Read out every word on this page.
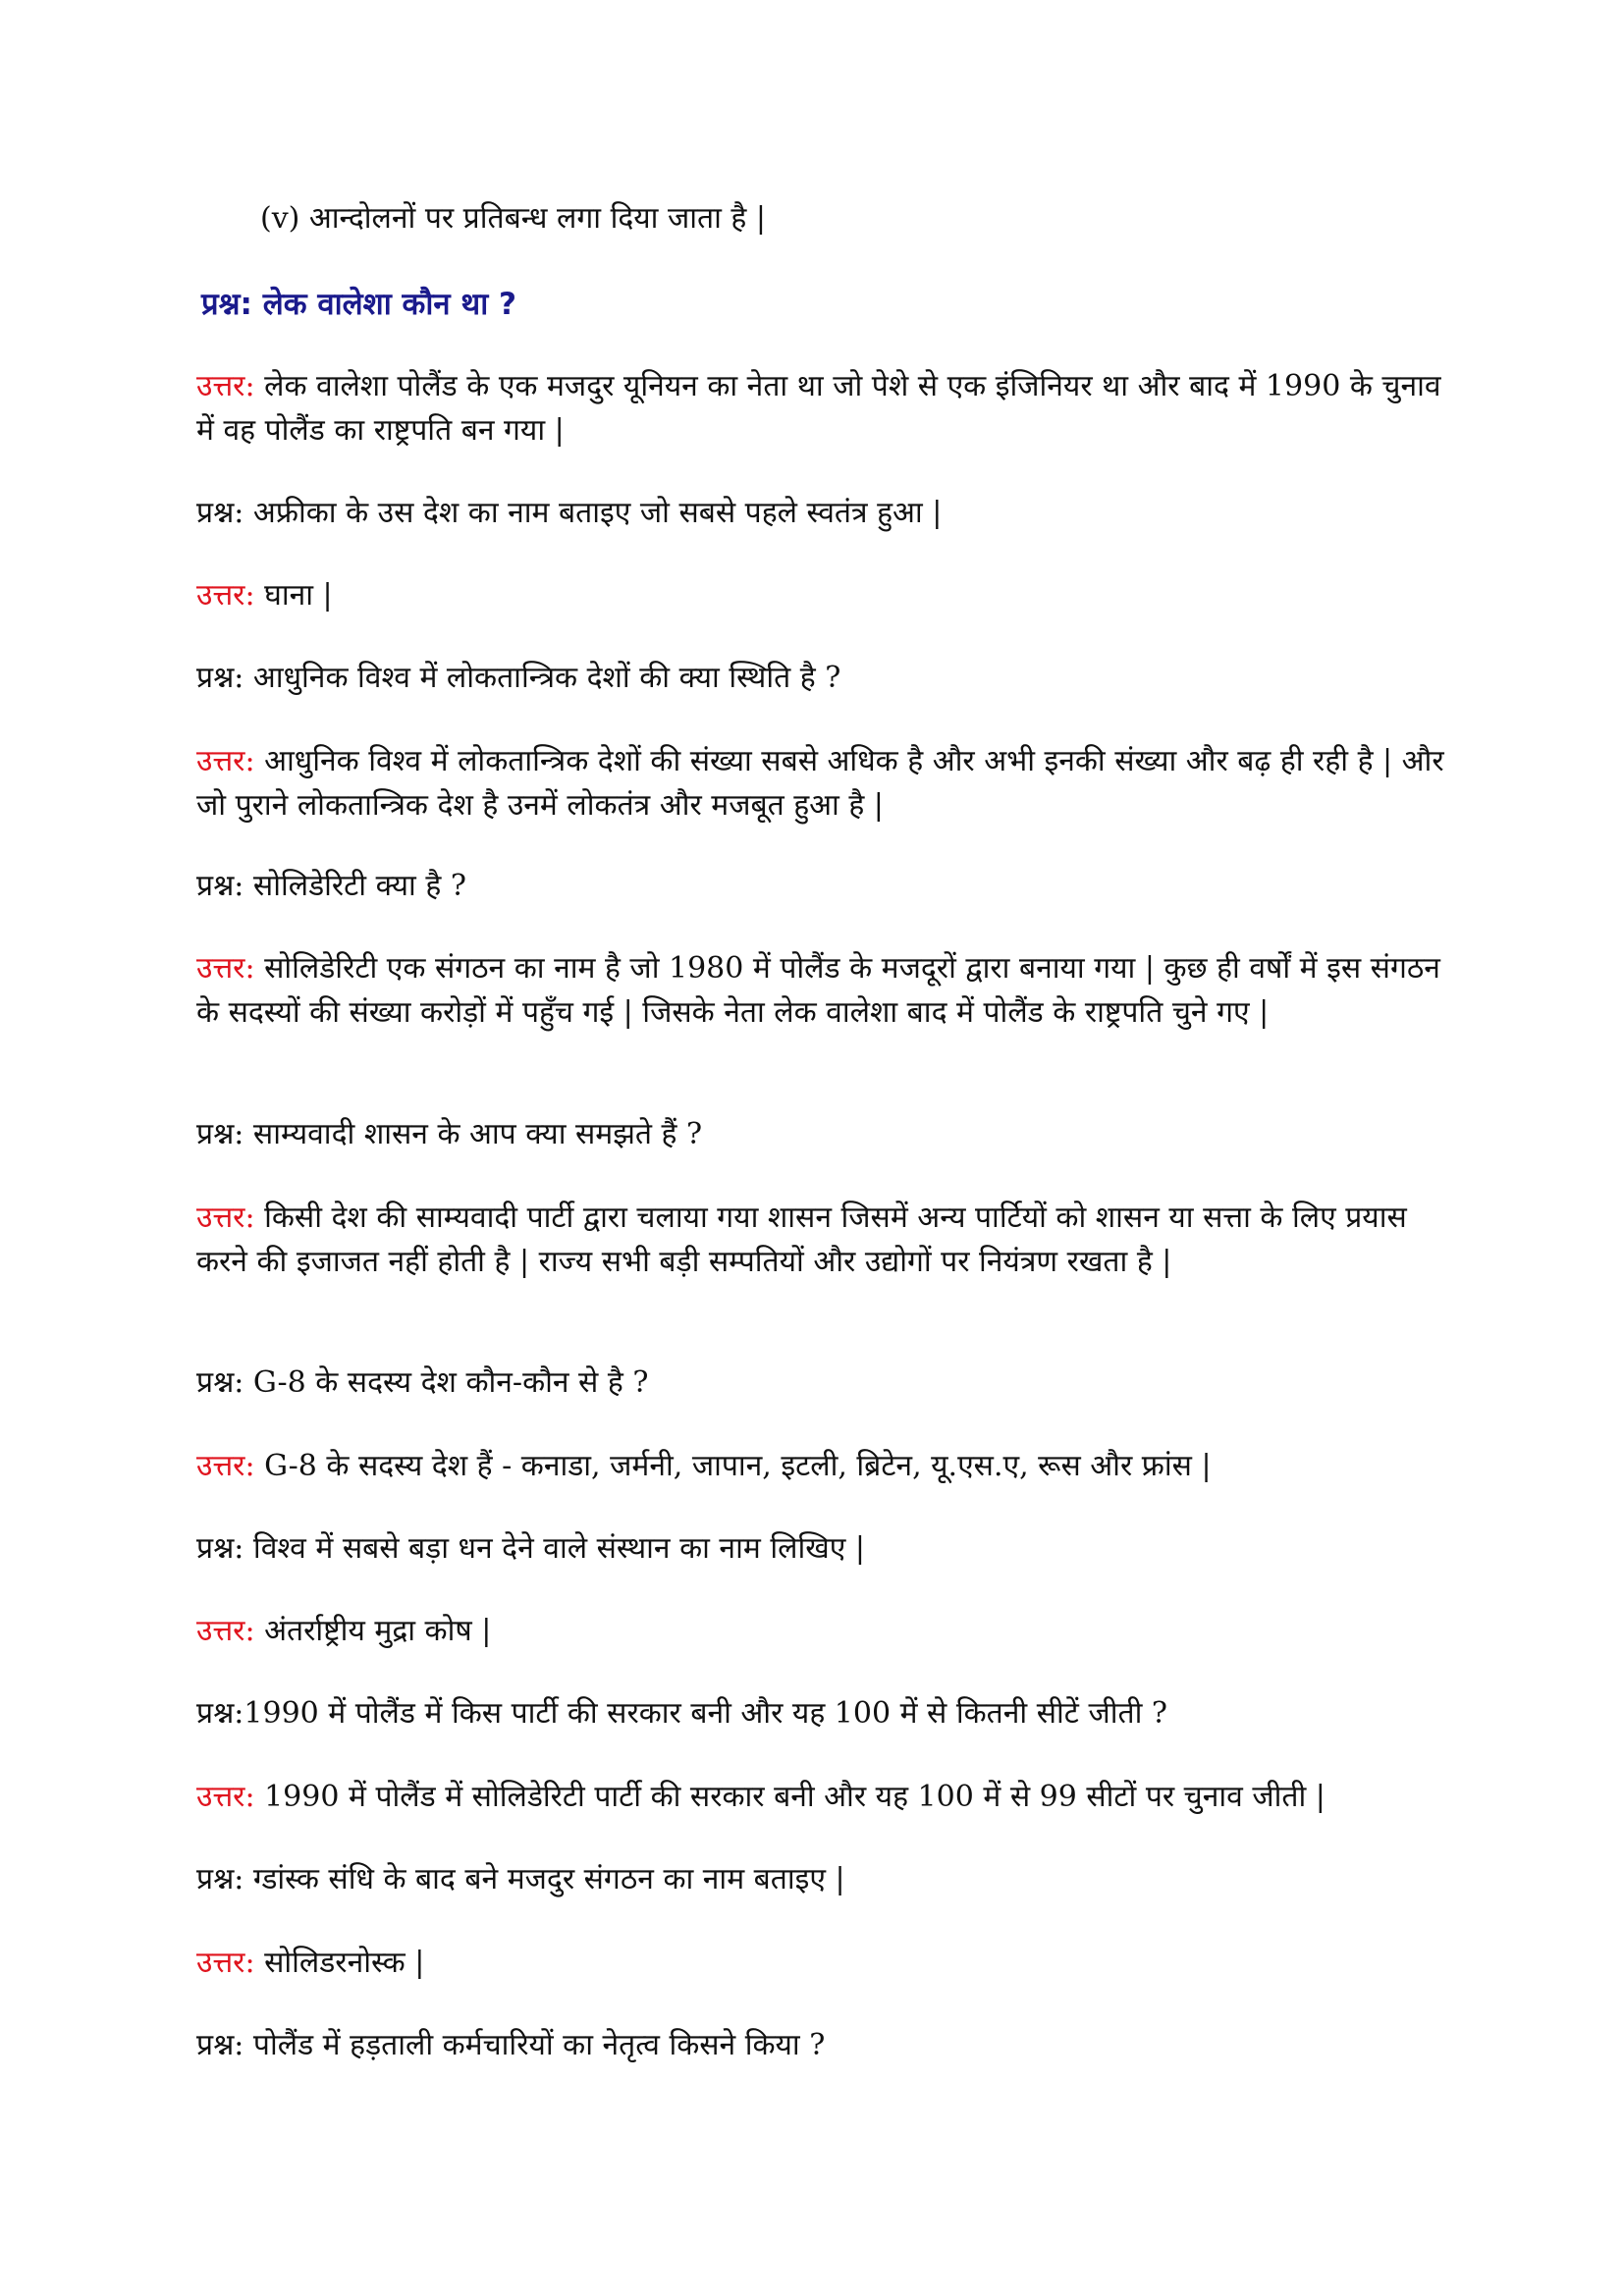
(v) आन्दोलनों पर प्रतिबन्ध लगा दिया जाता है |
प्रश्न: लेक वालेशा कौन था ?
उत्तर: लेक वालेशा पोलैंड के एक मजदुर यूनियन का नेता था जो पेशे से एक इंजिनियर था और बाद में 1990 के चुनाव में वह पोलैंड का राष्ट्रपति बन गया |
प्रश्न: अफ्रीका के उस देश का नाम बताइए जो सबसे पहले स्वतंत्र हुआ |
उत्तर: घाना |
प्रश्न: आधुनिक विश्व में लोकतान्त्रिक देशों की क्या स्थिति है ?
उत्तर: आधुनिक विश्व में लोकतान्त्रिक देशों की संख्या सबसे अधिक है और अभी इनकी संख्या और बढ़ ही रही है | और जो पुराने लोकतान्त्रिक देश है उनमें लोकतंत्र और मजबूत हुआ है |
प्रश्न: सोलिडेरिटी क्या है ?
उत्तर: सोलिडेरिटी एक संगठन का नाम है जो 1980 में पोलैंड के मजदूरों द्वारा बनाया गया | कुछ ही वर्षों में इस संगठन के सदस्यों की संख्या करोड़ों में पहुँच गई | जिसके नेता लेक वालेशा बाद में पोलैंड के राष्ट्रपति चुने गए |
प्रश्न: साम्यवादी शासन के आप क्या समझते हैं ?
उत्तर: किसी देश की साम्यवादी पार्टी द्वारा चलाया गया शासन जिसमें अन्य पार्टियों को शासन या सत्ता के लिए प्रयास करने की इजाजत नहीं होती है | राज्य सभी बड़ी सम्पतियों और उद्योगों पर नियंत्रण रखता है |
प्रश्न: G-8 के सदस्य देश कौन-कौन से है ?
उत्तर: G-8 के सदस्य देश हैं - कनाडा, जर्मनी, जापान, इटली, ब्रिटेन, यू.एस.ए, रूस और फ्रांस |
प्रश्न: विश्व में सबसे बड़ा धन देने वाले संस्थान का नाम लिखिए |
उत्तर: अंतर्राष्ट्रीय मुद्रा कोष |
प्रश्न:1990 में पोलैंड में किस पार्टी की सरकार बनी और यह 100 में से कितनी सीटें जीती ?
उत्तर: 1990 में पोलैंड में सोलिडेरिटी पार्टी की सरकार बनी और यह 100 में से 99 सीटों पर चुनाव जीती |
प्रश्न: ग्डांस्क संधि के बाद बने मजदुर संगठन का नाम बताइए |
उत्तर: सोलिडरनोस्क |
प्रश्न: पोलैंड में हड़ताली कर्मचारियों का नेतृत्व किसने किया ?
